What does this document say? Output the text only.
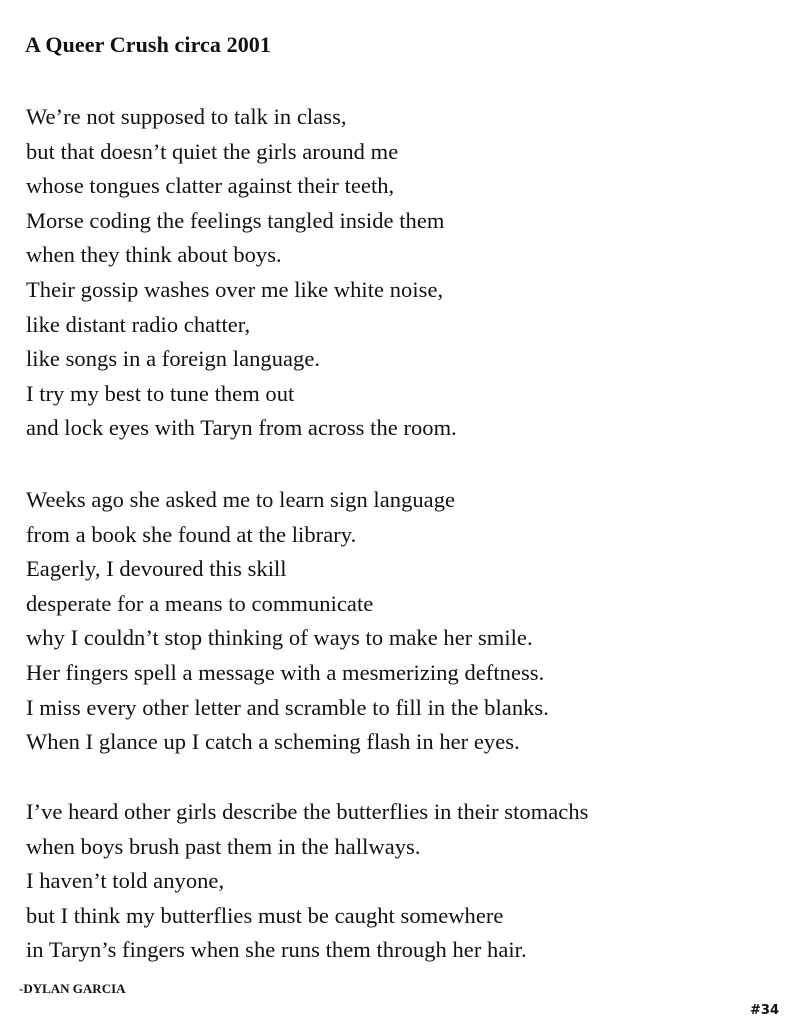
A Queer Crush circa 2001
We’re not supposed to talk in class,
but that doesn’t quiet the girls around me
whose tongues clatter against their teeth,
Morse coding the feelings tangled inside them
when they think about boys.
Their gossip washes over me like white noise,
like distant radio chatter,
like songs in a foreign language.
I try my best to tune them out
and lock eyes with Taryn from across the room.
Weeks ago she asked me to learn sign language
from a book she found at the library.
Eagerly, I devoured this skill
desperate for a means to communicate
why I couldn’t stop thinking of ways to make her smile.
Her fingers spell a message with a mesmerizing deftness.
I miss every other letter and scramble to fill in the blanks.
When I glance up I catch a scheming flash in her eyes.
I’ve heard other girls describe the butterflies in their stomachs
when boys brush past them in the hallways.
I haven’t told anyone,
but I think my butterflies must be caught somewhere
in Taryn’s fingers when she runs them through her hair.
-DYLAN GARCIA
#34
